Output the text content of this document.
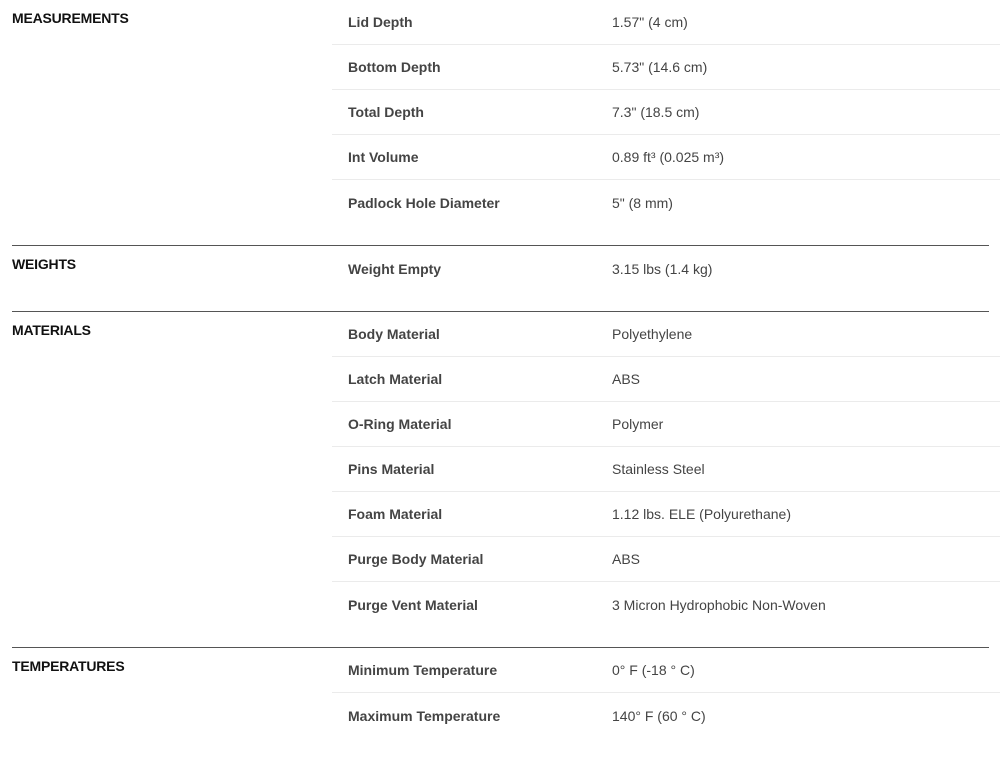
MEASUREMENTS	Lid Depth	1.57" (4 cm)
Bottom Depth	5.73" (14.6 cm)
Total Depth	7.3" (18.5 cm)
Int Volume	0.89 ft³ (0.025 m³)
Padlock Hole Diameter	5" (8 mm)
WEIGHTS	Weight Empty	3.15 lbs (1.4 kg)
MATERIALS	Body Material	Polyethylene
Latch Material	ABS
O-Ring Material	Polymer
Pins Material	Stainless Steel
Foam Material	1.12 lbs. ELE (Polyurethane)
Purge Body Material	ABS
Purge Vent Material	3 Micron Hydrophobic Non-Woven
TEMPERATURES	Minimum Temperature	0° F (-18 ° C)
Maximum Temperature	140° F (60 ° C)
